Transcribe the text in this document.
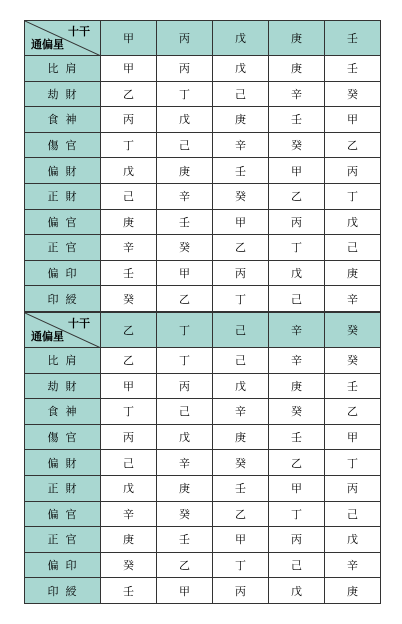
十干
通偏星	甲	丙	戊	庚	壬
比肩	甲	丙	戊	庚	壬
劫財	乙	丁	己	辛	癸
食神	丙	戊	庚	壬	甲
傷官	丁	己	辛	癸	乙
偏財	戊	庚	壬	甲	丙
正財	己	辛	癸	乙	丁
偏官	庚	壬	甲	丙	戊
正官	辛	癸	乙	丁	己
偏印	壬	甲	丙	戊	庚
印綬	癸	乙	丁	己	辛
十干
通偏星	乙	丁	己	辛	癸
比肩	乙	丁	己	辛	癸
劫財	甲	丙	戊	庚	壬
食神	丁	己	辛	癸	乙
傷官	丙	戊	庚	壬	甲
偏財	己	辛	癸	乙	丁
正財	戊	庚	壬	甲	丙
偏官	辛	癸	乙	丁	己
正官	庚	壬	甲	丙	戊
偏印	癸	乙	丁	己	辛
印綬	壬	甲	丙	戊	庚
